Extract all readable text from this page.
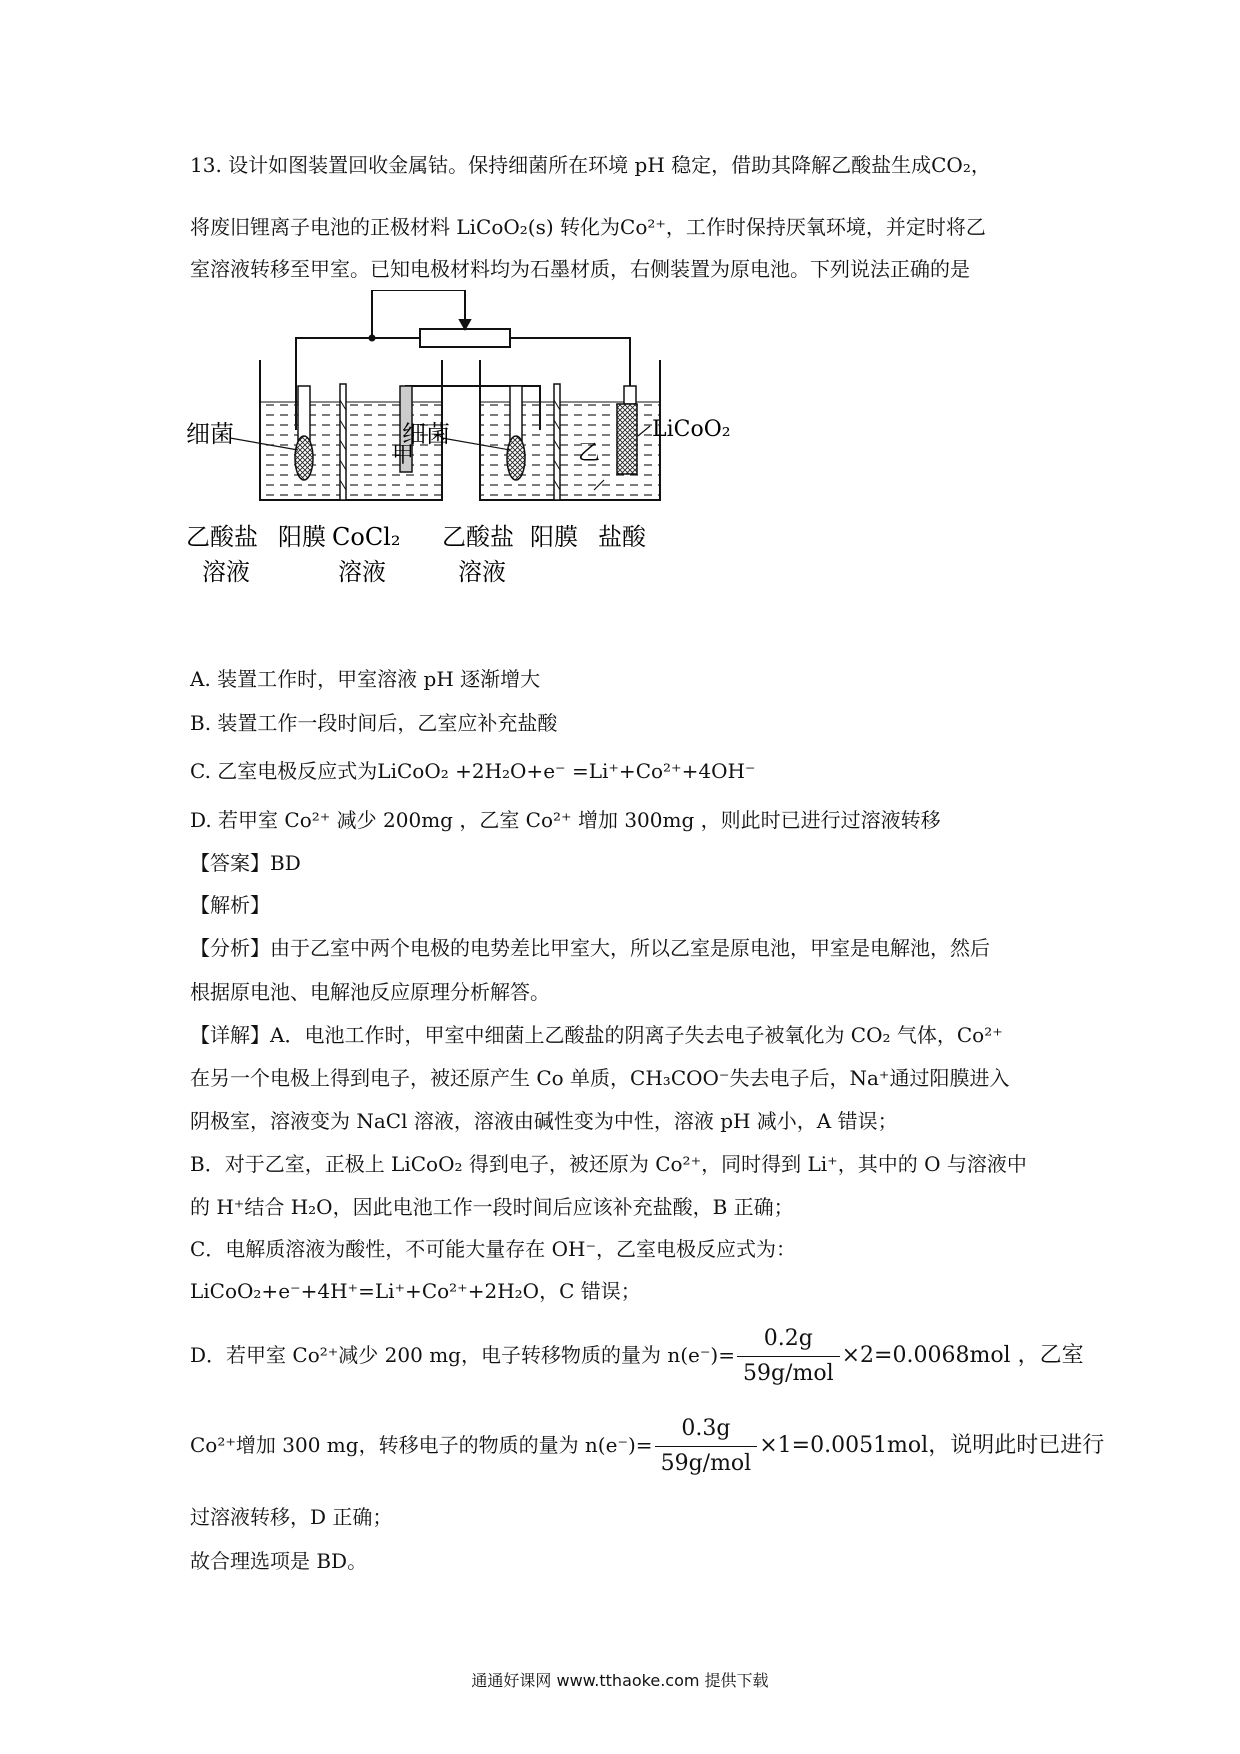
13. 设计如图装置回收金属钴。保持细菌所在环境 pH 稳定，借助其降解乙酸盐生成CO₂，
将废旧锂离子电池的正极材料 LiCoO₂(s) 转化为Co²⁺，工作时保持厌氧环境，并定时将乙
室溶液转移至甲室。已知电极材料均为石墨材质，右侧装置为原电池。下列说法正确的是
细菌
甲
细菌	LiCoO₂
乙
乙酸盐
溶液
阳膜 CoCl₂
溶液
乙酸盐
溶液
阳膜 盐酸
A. 装置工作时，甲室溶液 pH 逐渐增大
B. 装置工作一段时间后，乙室应补充盐酸
C. 乙室电极反应式为LiCoO₂ +2H₂O+e⁻ =Li⁺+Co²⁺+4OH⁻
D. 若甲室 Co²⁺ 减少 200mg ，乙室 Co²⁺ 增加 300mg ，则此时已进行过溶液转移
【答案】BD
【解析】
【分析】由于乙室中两个电极的电势差比甲室大，所以乙室是原电池，甲室是电解池，然后
根据原电池、电解池反应原理分析解答。
【详解】A．电池工作时，甲室中细菌上乙酸盐的阴离子失去电子被氧化为 CO₂ 气体，Co²⁺
在另一个电极上得到电子，被还原产生 Co 单质，CH₃COO⁻失去电子后，Na⁺通过阳膜进入
阴极室，溶液变为 NaCl 溶液，溶液由碱性变为中性，溶液 pH 减小，A 错误；
B．对于乙室，正极上 LiCoO₂ 得到电子，被还原为 Co²⁺，同时得到 Li⁺，其中的 O 与溶液中
的 H⁺结合 H₂O，因此电池工作一段时间后应该补充盐酸，B 正确；
C．电解质溶液为酸性，不可能大量存在 OH⁻，乙室电极反应式为：
LiCoO₂+e⁻+4H⁺=Li⁺+Co²⁺+2H₂O，C 错误；
D．若甲室 Co²⁺减少 200 mg，电子转移物质的量为 $n(e^-)= \frac{0.2g}{\text{59g/mol}} \times 2=0.0068mol$ ，乙室
Co²⁺增加 300 mg，转移电子的物质的量为 $n(e^-)= \frac{0.3g}{\text{59g/mol}} \times 1=0.0051mol$，说明此时已进行
过溶液转移，D 正确；
故合理选项是 BD。
通通好课网 www.tthaoke.com 提供下载
